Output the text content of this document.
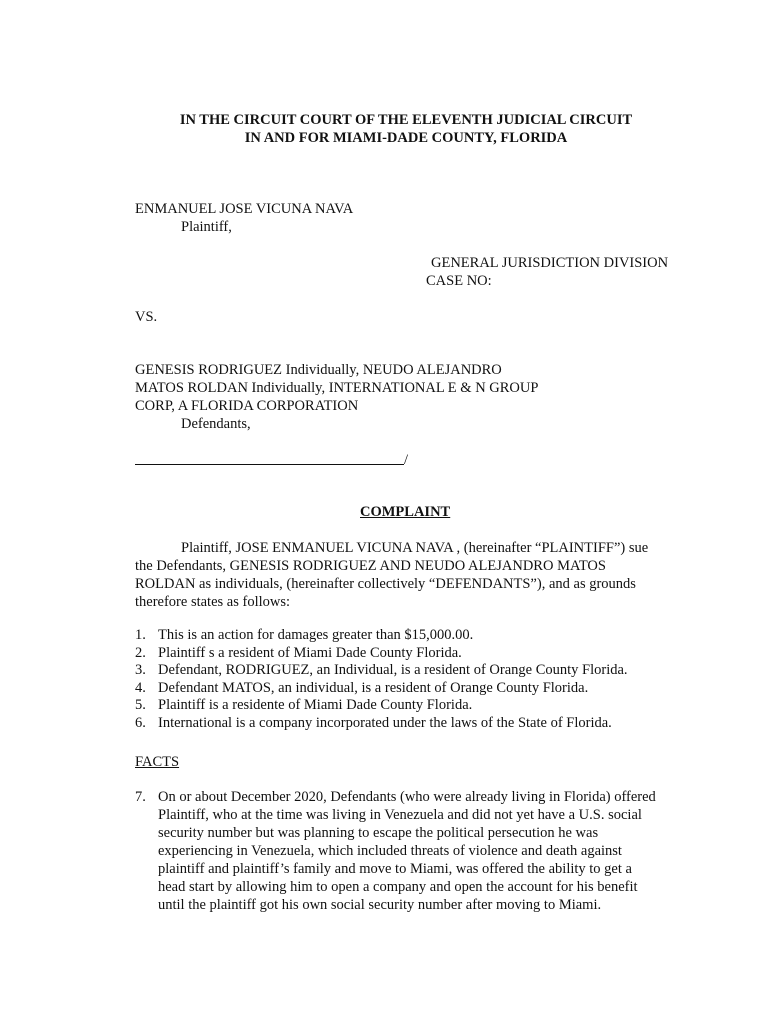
IN THE CIRCUIT COURT OF THE ELEVENTH JUDICIAL CIRCUIT
IN AND FOR MIAMI-DADE COUNTY, FLORIDA
ENMANUEL JOSE VICUNA NAVA
Plaintiff,
GENERAL JURISDICTION DIVISION
CASE NO:
VS.
GENESIS RODRIGUEZ Individually, NEUDO ALEJANDRO
MATOS ROLDAN Individually, INTERNATIONAL E & N GROUP
CORP, A FLORIDA CORPORATION
Defendants,
/
COMPLAINT
Plaintiff, JOSE ENMANUEL VICUNA NAVA , (hereinafter “PLAINTIFF”) sue
the Defendants, GENESIS RODRIGUEZ AND NEUDO ALEJANDRO MATOS
ROLDAN as individuals, (hereinafter collectively “DEFENDANTS”), and as grounds
therefore states as follows:
1. This is an action for damages greater than $15,000.00.
2. Plaintiff s a resident of Miami Dade County Florida.
3. Defendant, RODRIGUEZ, an Individual, is a resident of Orange County Florida.
4. Defendant MATOS, an individual, is a resident of Orange County Florida.
5. Plaintiff is a residente of Miami Dade County Florida.
6. International is a company incorporated under the laws of the State of Florida.
FACTS
7. On or about December 2020, Defendants (who were already living in Florida) offered
Plaintiff, who at the time was living in Venezuela and did not yet have a U.S. social
security number but was planning to escape the political persecution he was
experiencing in Venezuela, which included threats of violence and death against
plaintiff and plaintiff’s family and move to Miami, was offered the ability to get a
head start by allowing him to open a company and open the account for his benefit
until the plaintiff got his own social security number after moving to Miami.
